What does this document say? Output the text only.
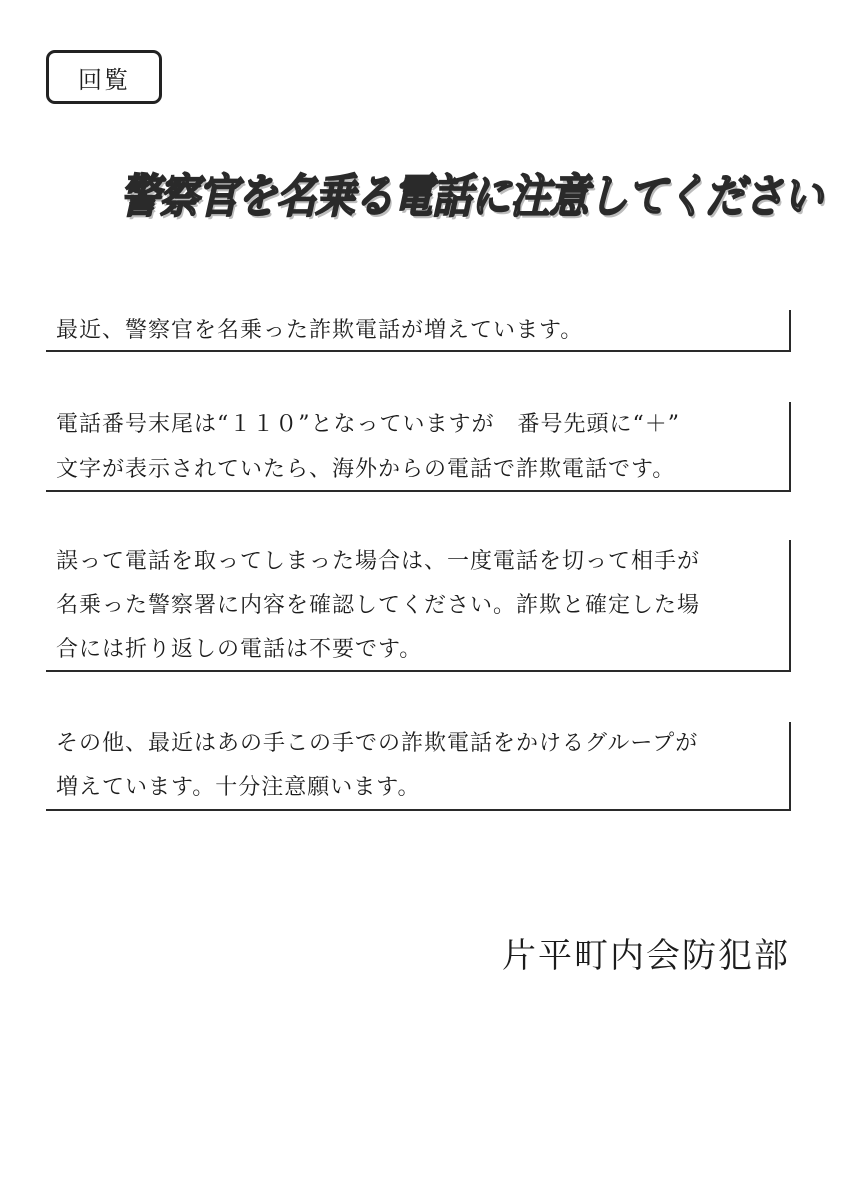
回覧
警察官を名乗る電話に注意してください
最近、警察官を名乗った詐欺電話が増えています。
電話番号末尾は“１１０”となっていますが　番号先頭に“＋”
文字が表示されていたら、海外からの電話で詐欺電話です。
誤って電話を取ってしまった場合は、一度電話を切って相手が
名乗った警察署に内容を確認してください。詐欺と確定した場
合には折り返しの電話は不要です。
その他、最近はあの手この手での詐欺電話をかけるグループが
増えています。十分注意願います。
片平町内会防犯部
